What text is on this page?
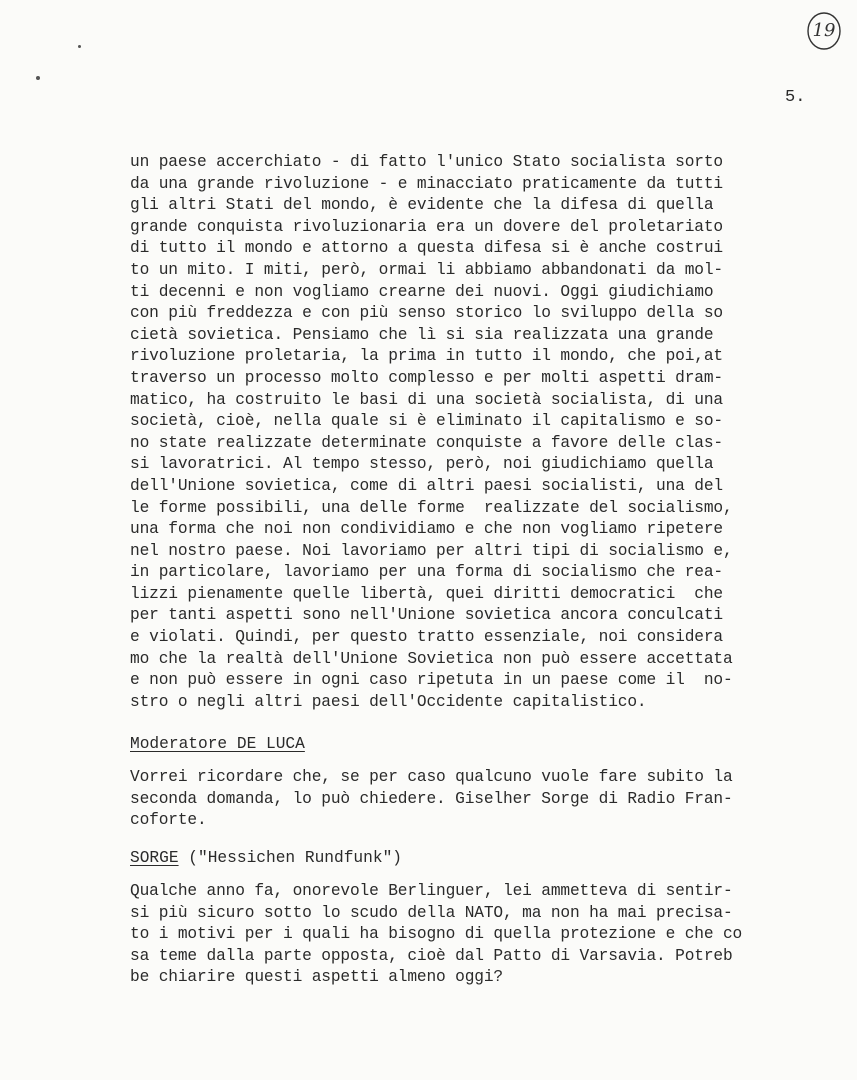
19
5.
un paese accerchiato - di fatto l'unico Stato socialista sorto
da una grande rivoluzione - e minacciato praticamente da tutti
gli altri Stati del mondo, è evidente che la difesa di quella
grande conquista rivoluzionaria era un dovere del proletariato
di tutto il mondo e attorno a questa difesa si è anche costrui
to un mito. I miti, però, ormai li abbiamo abbandonati da mol-
ti decenni e non vogliamo crearne dei nuovi. Oggi giudichiamo
con più freddezza e con più senso storico lo sviluppo della so
cietà sovietica. Pensiamo che lì si sia realizzata una grande
rivoluzione proletaria, la prima in tutto il mondo, che poi,at
traverso un processo molto complesso e per molti aspetti dram-
matico, ha costruito le basi di una società socialista, di una
società, cioè, nella quale si è eliminato il capitalismo e so-
no state realizzate determinate conquiste a favore delle clas-
si lavoratrici. Al tempo stesso, però, noi giudichiamo quella
dell'Unione sovietica, come di altri paesi socialisti, una del
le forme possibili, una delle forme  realizzate del socialismo,
una forma che noi non condividiamo e che non vogliamo ripetere
nel nostro paese. Noi lavoriamo per altri tipi di socialismo e,
in particolare, lavoriamo per una forma di socialismo che rea-
lizzi pienamente quelle libertà, quei diritti democratici  che
per tanti aspetti sono nell'Unione sovietica ancora conculcati
e violati. Quindi, per questo tratto essenziale, noi considera
mo che la realtà dell'Unione Sovietica non può essere accettata
e non può essere in ogni caso ripetuta in un paese come il  no-
stro o negli altri paesi dell'Occidente capitalistico.
Moderatore DE LUCA
Vorrei ricordare che, se per caso qualcuno vuole fare subito la
seconda domanda, lo può chiedere. Giselher Sorge di Radio Fran-
coforte.
SORGE ("Hessichen Rundfunk")
Qualche anno fa, onorevole Berlinguer, lei ammetteva di sentir-
si più sicuro sotto lo scudo della NATO, ma non ha mai precisa-
to i motivi per i quali ha bisogno di quella protezione e che co
sa teme dalla parte opposta, cioè dal Patto di Varsavia. Potreb
be chiarire questi aspetti almeno oggi?
